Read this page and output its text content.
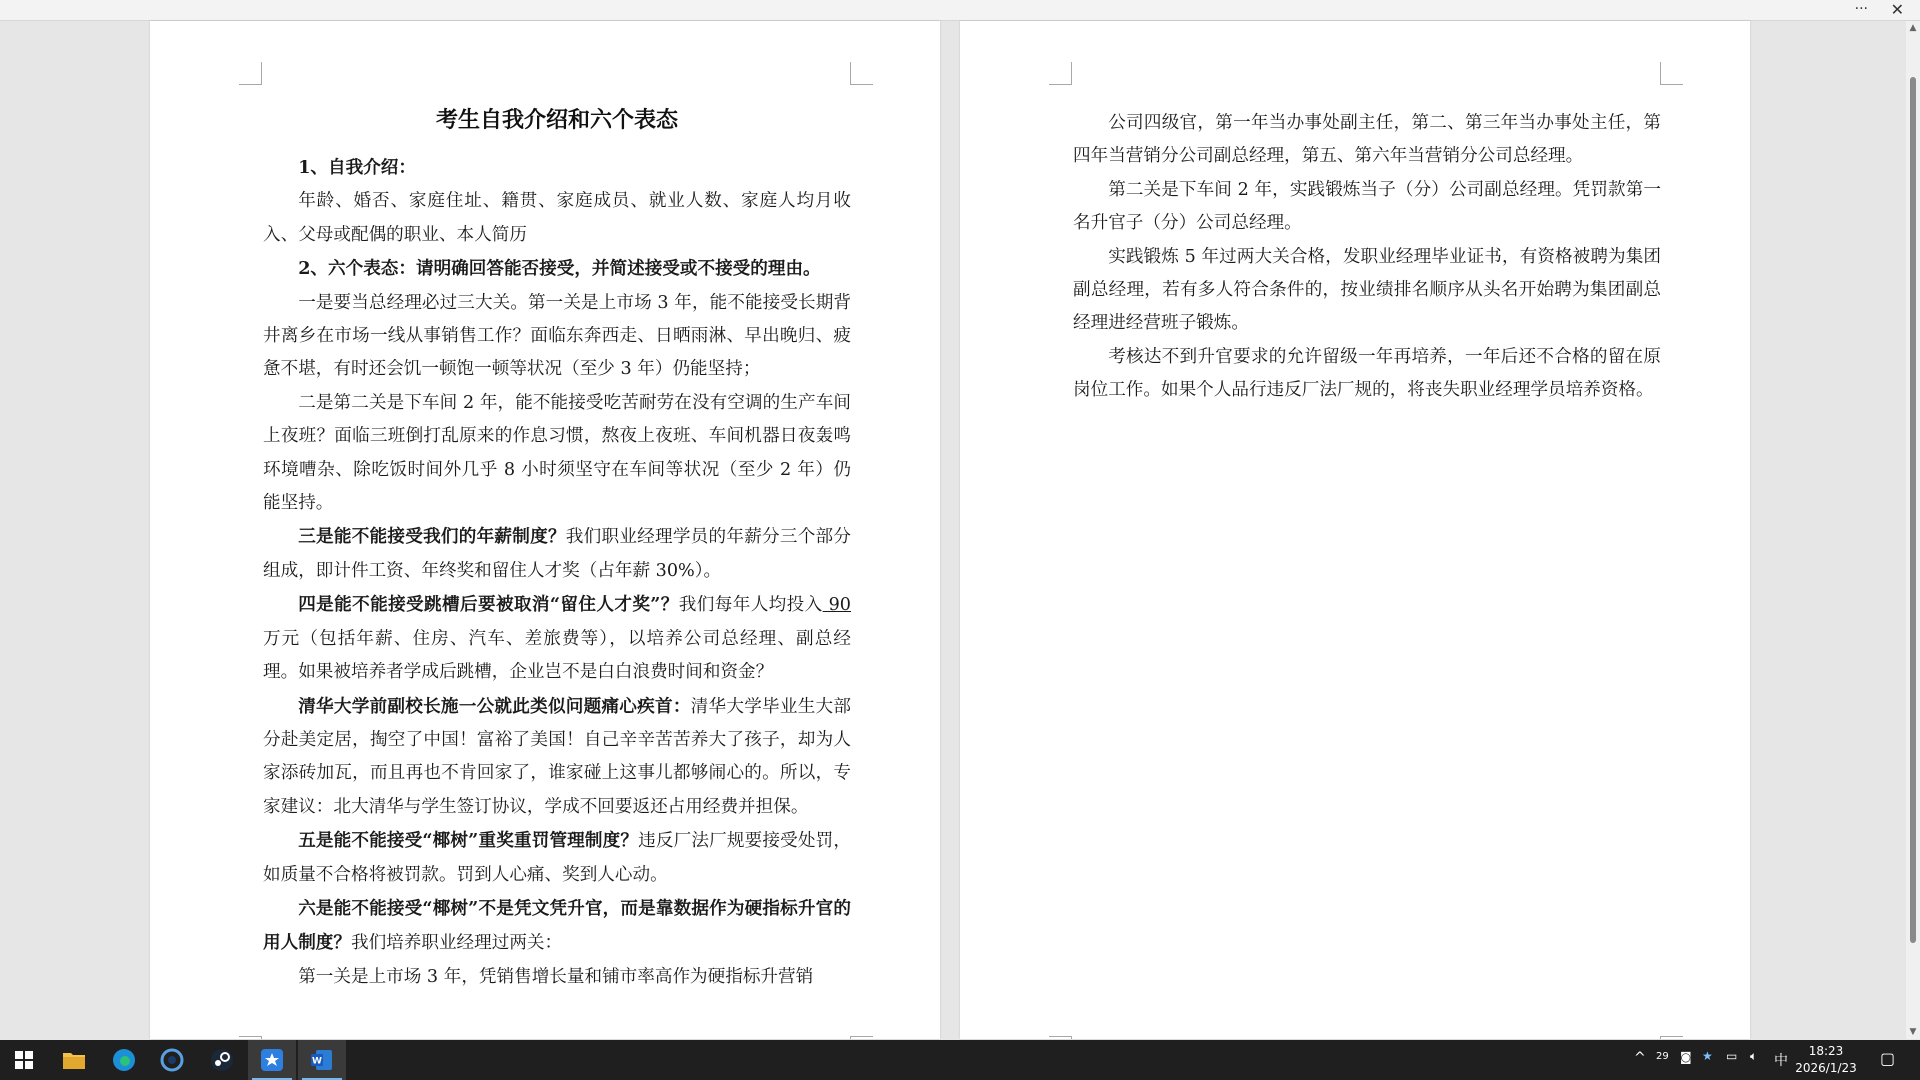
··· ✕
考生自我介绍和六个表态

1、自我介绍：

年龄、婚否、家庭住址、籍贯、家庭成员、就业人数、家庭人均月收入、父母或配偶的职业、本人简历

2、六个表态：请明确回答能否接受，并简述接受或不接受的理由。

一是要当总经理必过三大关。第一关是上市场 3 年，能不能接受长期背井离乡在市场一线从事销售工作？面临东奔西走、日晒雨淋、早出晚归、疲惫不堪，有时还会饥一顿饱一顿等状况（至少 3 年）仍能坚持；

二是第二关是下车间 2 年，能不能接受吃苦耐劳在没有空调的生产车间上夜班？面临三班倒打乱原来的作息习惯，熬夜上夜班、车间机器日夜轰鸣环境嘈杂、除吃饭时间外几乎 8 小时须坚守在车间等状况（至少 2 年）仍能坚持。

三是能不能接受我们的年薪制度？我们职业经理学员的年薪分三个部分组成，即计件工资、年终奖和留住人才奖（占年薪 30%）。

四是能不能接受跳槽后要被取消“留住人才奖”？我们每年人均投入 90 万元（包括年薪、住房、汽车、差旅费等），以培养公司总经理、副总经理。如果被培养者学成后跳槽，企业岂不是白白浪费时间和资金？

清华大学前副校长施一公就此类似问题痛心疾首：清华大学毕业生大部分赴美定居，掏空了中国！富裕了美国！自己辛辛苦苦养大了孩子，却为人家添砖加瓦，而且再也不肯回家了，谁家碰上这事儿都够闹心的。所以，专家建议：北大清华与学生签订协议，学成不回要返还占用经费并担保。

五是能不能接受“椰树”重奖重罚管理制度？违反厂法厂规要接受处罚，如质量不合格将被罚款。罚到人心痛、奖到人心动。

六是能不能接受“椰树”不是凭文凭升官，而是靠数据作为硬指标升官的用人制度？我们培养职业经理过两关：

第一关是上市场 3 年，凭销售增长量和铺市率高作为硬指标升营销

公司四级官，第一年当办事处副主任，第二、第三年当办事处主任，第四年当营销分公司副总经理，第五、第六年当营销分公司总经理。

第二关是下车间 2 年，实践锻炼当子（分）公司副总经理。凭罚款第一名升官子（分）公司总经理。

实践锻炼 5 年过两大关合格，发职业经理毕业证书，有资格被聘为集团副总经理，若有多人符合条件的，按业绩排名顺序从头名开始聘为集团副总经理进经营班子锻炼。

考核达不到升官要求的允许留级一年再培养，一年后还不合格的留在原岗位工作。如果个人品行违反厂法厂规的，将丧失职业经理学员培养资格。

▲
▼
W	^ 29 ◙ ★ ▭ 🔈︎ 中
18:23
2026/1/23	▢
